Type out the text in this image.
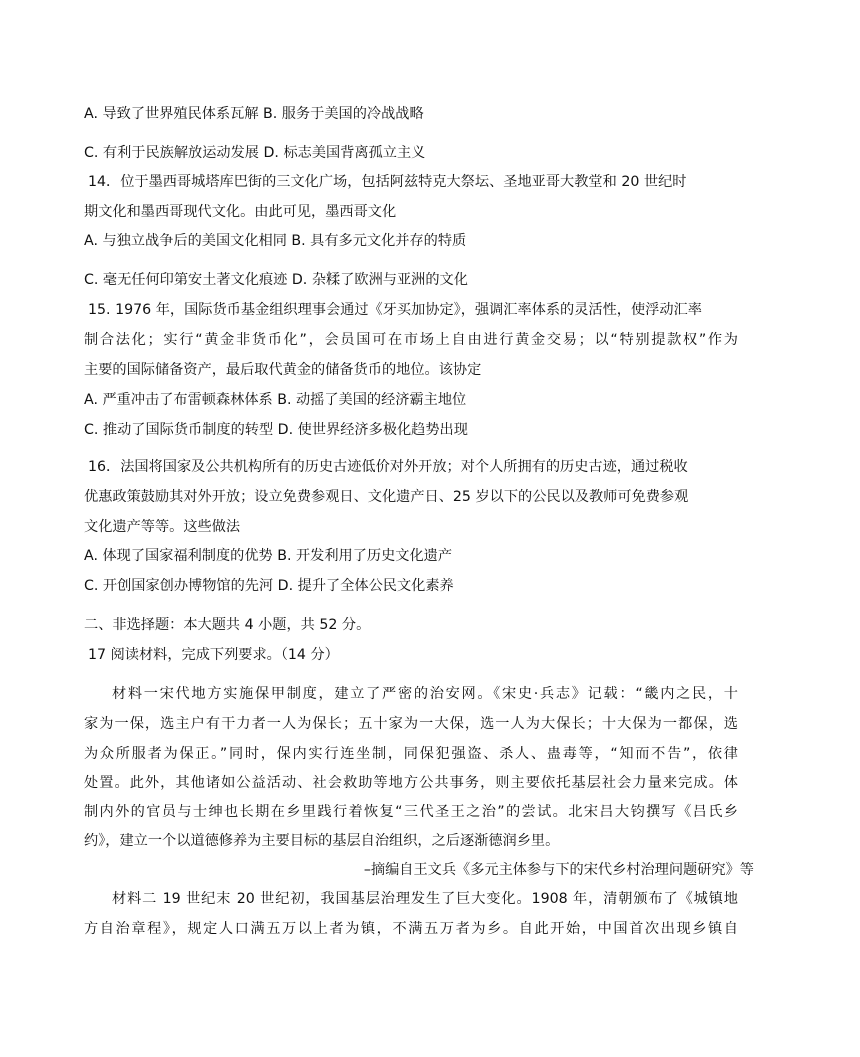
A. 导致了世界殖民体系瓦解 B. 服务于美国的冷战战略
C. 有利于民族解放运动发展 D. 标志美国背离孤立主义
14．位于墨西哥城塔库巴街的三文化广场，包括阿兹特克大祭坛、圣地亚哥大教堂和 20 世纪时
期文化和墨西哥现代文化。由此可见，墨西哥文化
A. 与独立战争后的美国文化相同 B. 具有多元文化并存的特质
C. 毫无任何印第安土著文化痕迹 D. 杂糅了欧洲与亚洲的文化
15. 1976 年，国际货币基金组织理事会通过《牙买加协定》，强调汇率体系的灵活性，使浮动汇率
制合法化；实行“黄金非货币化”，会员国可在市场上自由进行黄金交易；以“特别提款权”作为
主要的国际储备资产，最后取代黄金的储备货币的地位。该协定
A. 严重冲击了布雷顿森林体系 B. 动摇了美国的经济霸主地位
C. 推动了国际货币制度的转型 D. 使世界经济多极化趋势出现
16．法国将国家及公共机构所有的历史古迹低价对外开放；对个人所拥有的历史古迹，通过税收
优惠政策鼓励其对外开放；设立免费参观日、文化遗产日、25 岁以下的公民以及教师可免费参观
文化遗产等等。这些做法
A. 体现了国家福利制度的优势 B. 开发利用了历史文化遗产
C. 开创国家创办博物馆的先河 D. 提升了全体公民文化素养
二、非选择题：本大题共 4 小题，共 52 分。
17 阅读材料，完成下列要求。（14 分）
材料一宋代地方实施保甲制度，建立了严密的治安网。《宋史·兵志》记载：“畿内之民，十
家为一保，选主户有干力者一人为保长；五十家为一大保，选一人为大保长；十大保为一都保，选
为众所服者为保正。”同时，保内实行连坐制，同保犯强盗、杀人、蛊毒等，“知而不告”，依律
处置。此外，其他诸如公益活动、社会救助等地方公共事务，则主要依托基层社会力量来完成。体
制内外的官员与士绅也长期在乡里践行着恢复“三代圣王之治”的尝试。北宋吕大钧撰写《吕氏乡
约》，建立一个以道德修养为主要目标的基层自治组织，之后逐渐德润乡里。
–摘编自王文兵《多元主体参与下的宋代乡村治理问题研究》等
材料二 19 世纪末 20 世纪初，我国基层治理发生了巨大变化。1908 年，清朝颁布了《城镇地
方自治章程》，规定人口满五万以上者为镇，不满五万者为乡。自此开始，中国首次出现乡镇自
